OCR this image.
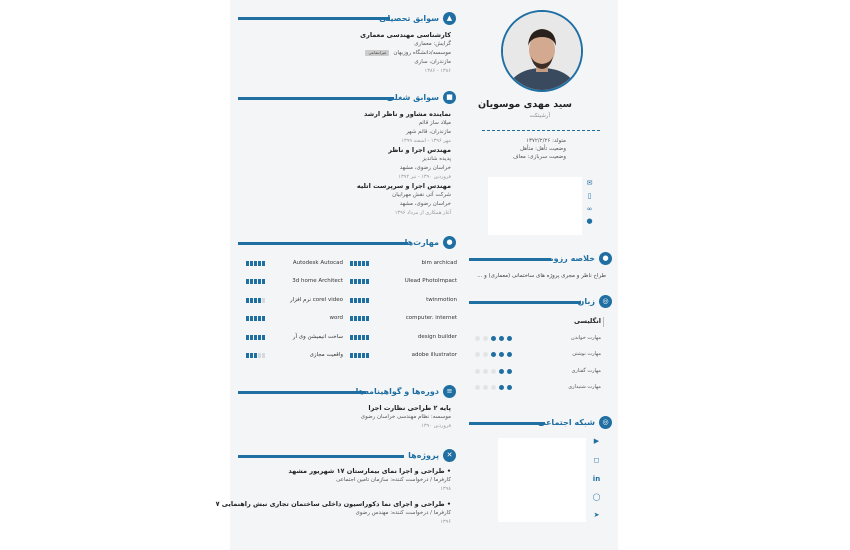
سید مهدی موسویان
آرشیتکت
متولد: ۱۳۷۲/۲/۲۶
وضعیت تأهل: متأهل
وضعیت سربازی: معاف
✉
▯
∞
●
●
خلاصه رزومه
طراح ناظر و مجری پروژه های ساختمانی (معماری) و ...
◎
زبان
انگلیسی
مهارت خواندن
مهارت نوشتن
مهارت گفتاری
مهارت شنیداری
◎
شبکه اجتماعی
▶
◻
in
◯
➤
▲
سوابق تحصیلی
کارشناسی مهندسی معماری
گرایش: معماری
موسسه/دانشگاه روزبهانغیرانتفاعی
مازندران، ساری
۱۳۸۶ - ۱۳۸۶
■
سوابق شغلی
نماینده مشاور و ناظر ارشد
میلاد ساز قائم
مازندران، قائم شهر
مهر ۱۳۹۶ - اسفند ۱۳۹۹
مهندس اجرا و ناظر
پدیده شاندیز
خراسان رضوی، مشهد
فروردین ۱۳۹۰ - تیر ۱۳۹۲
مهندس اجرا و سرپرست اتلیه
شرکت آتی نقش مهرابیان
خراسان رضوی، مشهد
آغاز همکاری از مرداد ۱۳۹۶
●
مهارت‌ها
bim archicad
Autodesk Autocad
Ulead PhotoImpact
3d home Architect
twinmotion
corel video نرم افزار
computer. internet
word
design builder
ساخت انیمیشن وی آر
adobe illustrator
واقعیت مجازی
≡
دوره‌ها و گواهینامه‌ها
پایه ۲ طراحی نظارت اجرا
موسسه: نظام مهندسی خراسان رضوی
فروردین ۱۳۹۰
✕
پروژه‌ها
• طراحی و اجرا نمای بیمارستان ۱۷ شهریور مشهد
کارفرما / درخواست کننده: سازمان تامین اجتماعی
۱۳۹۸
• طراحی و اجرای نما دکوراسیون داخلی ساختمان تجاری نبش راهنمایی ۷
کارفرما / درخواست کننده: مهندس رضوی
۱۳۹۶
